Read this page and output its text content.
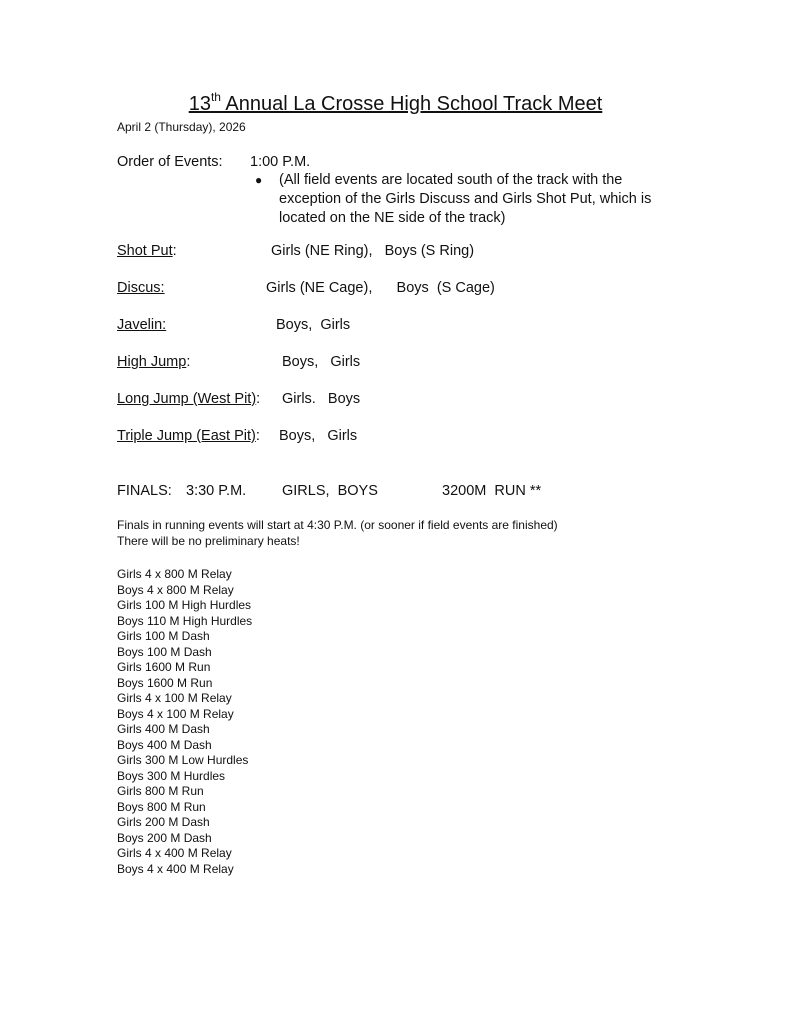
13th Annual La Crosse High School Track Meet
April 2 (Thursday), 2026
Order of Events: 1:00 P.M.
● (All field events are located south of the track with the exception of the Girls Discuss and Girls Shot Put, which is located on the NE side of the track)
Shot Put:	Girls (NE Ring),   Boys (S Ring)
Discus:	Girls (NE Cage),      Boys  (S Cage)
Javelin:	Boys,  Girls
High Jump:	Boys,   Girls
Long Jump (West Pit): Girls.   Boys
Triple Jump (East Pit): Boys,   Girls
FINALS: 3:30 P.M. GIRLS,  BOYS	3200M  RUN **
Finals in running events will start at 4:30 P.M. (or sooner if field events are finished)
There will be no preliminary heats!
Girls 4 x 800 M Relay
Boys 4 x 800 M Relay
Girls 100 M High Hurdles
Boys 110 M High Hurdles
Girls 100 M Dash
Boys 100 M Dash
Girls 1600 M Run
Boys 1600 M Run
Girls 4 x 100 M Relay
Boys 4 x 100 M Relay
Girls 400 M Dash
Boys 400 M Dash
Girls 300 M Low Hurdles
Boys 300 M Hurdles
Girls 800 M Run
Boys 800 M Run
Girls 200 M Dash
Boys 200 M Dash
Girls 4 x 400 M Relay
Boys 4 x 400 M Relay
